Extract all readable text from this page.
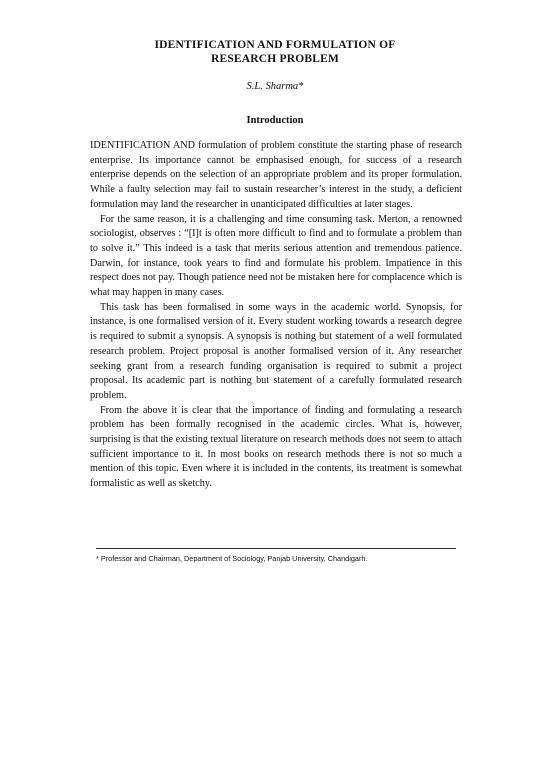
IDENTIFICATION AND FORMULATION OF
RESEARCH PROBLEM
S.L. Sharma*
Introduction

IDENTIFICATION AND formulation of problem constitute the starting phase of research enterprise. Its importance cannot be emphasised enough, for success of a research enterprise depends on the selection of an appropriate problem and its proper formulation. While a faulty selection may fail to sustain researcher’s interest in the study, a deficient formulation may land the researcher in unanticipated difficulties at later stages.

For the same reason, it is a challenging and time consuming task. Merton, a renowned sociologist, observes : “[I]t is often more difficult to find and to formulate a problem than to solve it.” This indeed is a task that merits serious attention and tremendous patience. Darwin, for instance, took years to find and formulate his problem. Impatience in this respect does not pay. Though patience need not be mistaken here for complacence which is what may happen in many cases.

This task has been formalised in some ways in the academic world. Synopsis, for instance, is one formalised version of it. Every student working towards a research degree is required to submit a synopsis. A synopsis is nothing but statement of a well formulated research problem. Project proposal is another formalised version of it. Any researcher seeking grant from a research funding organisation is required to submit a project proposal. Its academic part is nothing but statement of a carefully formulated research problem.

From the above it is clear that the importance of finding and formulating a research problem has been formally recognised in the academic circles. What is, however, surprising is that the existing textual literature on research methods does not seem to attach sufficient importance to it. In most books on research methods there is not so much a mention of this topic. Even where it is included in the contents, its treatment is somewhat formalistic as well as sketchy.

* Professor and Chairman, Department of Sociology, Panjab University, Chandigarh.
